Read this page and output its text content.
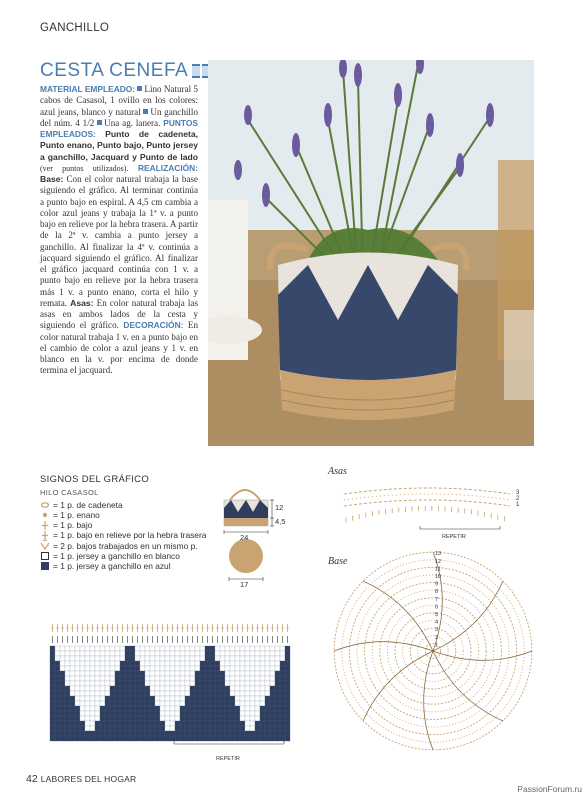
GANCHILLO
CESTA CENEFA
MATERIAL EMPLEADO: Lino Natural 5 cabos de Casasol, 1 ovillo en los colores: azul jeans, blanco y natural Un ganchillo del núm. 4 1/2 Una ag. lanera. PUNTOS EMPLEADOS: Punto de cadeneta, Punto enano, Punto bajo, Punto jersey a ganchillo, Jacquard y Punto de lado (ver puntos utilizados). REALIZACIÓN: Base: Con el color natural trabaja la base siguiendo el gráfico. Al terminar continúa a punto bajo en espiral. A 4,5 cm cambia a color azul jeans y trabaja la 1ª v. a punto bajo en relieve por la hebra trasera. A partir de la 2ª v. cambia a punto jersey a ganchillo. Al finalizar la 4ª v. continúa a jacquard siguiendo el gráfico. Al finalizar el gráfico jacquard continúa con 1 v. a punto bajo en relieve por la hebra trasera más 1 v. a punto enano, corta el hilo y remata. Asas: En color natural trabaja las asas en ambos lados de la cesta y siguiendo el gráfico. DECORACIÓN: En color natural trabaja 1 v. en a punto bajo en el cambio de color a azul jeans y 1 v. en blanco en la v. por encima de donde termina el jacquard.
SIGNOS DEL GRÁFICO
HILO CASASOL
= 1 p. de cadeneta
= 1 p. enano
= 1 p. bajo
= 1 p. bajo en relieve por la hebra trasera
= 2 p. bajos trabajados en un mismo p.
= 1 p. jersey a ganchillo en blanco
= 1 p. jersey a ganchillo en azul
12
4,5
24
17
Asas
REPETIR
3
2
1
Base
13
12
11
10
9
8
7
6
5
4
3
2
1
REPETIR
42 LABORES DEL HOGAR
PassionForum.ru
